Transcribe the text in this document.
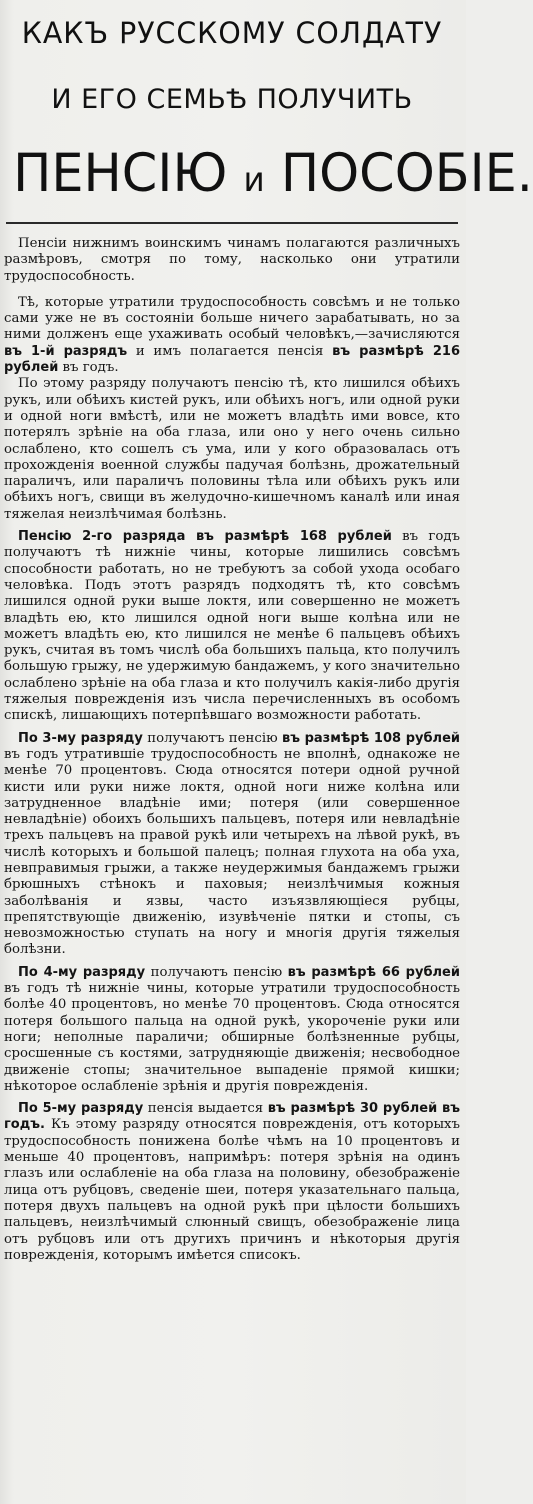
КАКЪ РУССКОМУ СОЛДАТУ
И ЕГО СЕМЬѢ ПОЛУЧИТЬ
ПЕНСІЮ и ПОСОБІЕ.

Пенсіи нижнимъ воинскимъ чинамъ полагаются различныхъ размѣровъ, смотря по тому, насколько они утратили трудоспособность.

Тѣ, которые утратили трудоспособность совсѣмъ и не только сами уже не въ состояніи больше ничего зарабатывать, но за ними долженъ еще ухаживать особый человѣкъ,—зачисляются въ 1-й разрядъ и имъ полагается пенсія въ размѣрѣ 216 рублей въ годъ.

По этому разряду получаютъ пенсію тѣ, кто лишился обѣихъ рукъ, или обѣихъ кистей рукъ, или обѣихъ ногъ, или одной руки и одной ноги вмѣстѣ, или не можетъ владѣть ими вовсе, кто потерялъ зрѣніе на оба глаза, или оно у него очень сильно ослаблено, кто сошелъ съ ума, или у кого образовалась отъ прохожденія военной службы падучая болѣзнь, дрожательный параличъ, или параличъ половины тѣла или обѣихъ рукъ или обѣихъ ногъ, свищи въ желудочно-кишечномъ каналѣ или иная тяжелая неизлѣчимая болѣзнь.

Пенсію 2-го разряда въ размѣрѣ 168 рублей въ годъ получаютъ тѣ нижніе чины, которые лишились совсѣмъ способности работать, но не требуютъ за собой ухода особаго человѣка. Подъ этотъ разрядъ подходятъ тѣ, кто совсѣмъ лишился одной руки выше локтя, или совершенно не можетъ владѣть ею, кто лишился одной ноги выше колѣна или не можетъ владѣть ею, кто лишился не менѣе 6 пальцевъ обѣихъ рукъ, считая въ томъ числѣ оба большихъ пальца, кто получилъ большую грыжу, не удержимую бандажемъ, у кого значительно ослаблено зрѣніе на оба глаза и кто получилъ какія-либо другія тяжелыя поврежденія изъ числа перечисленныхъ въ особомъ спискѣ, лишающихъ потерпѣвшаго возможности работать.

По 3-му разряду получаютъ пенсію въ размѣрѣ 108 рублей въ годъ утратившіе трудоспособность не вполнѣ, однакоже не менѣе 70 процентовъ. Сюда относятся потери одной ручной кисти или руки ниже локтя, одной ноги ниже колѣна или затрудненное владѣніе ими; потеря (или совершенное невладѣніе) обоихъ большихъ пальцевъ, потеря или невладѣніе трехъ пальцевъ на правой рукѣ или четырехъ на лѣвой рукѣ, въ числѣ которыхъ и большой палецъ; полная глухота на оба уха, невправимыя грыжи, а также неудержимыя бандажемъ грыжи брюшныхъ стѣнокъ и паховыя; неизлѣчимыя кожныя заболѣванія и язвы, часто изъязвляющіеся рубцы, препятствующіе движенію, изувѣченіе пятки и стопы, съ невозможностью ступать на ногу и многія другія тяжелыя болѣзни.

По 4-му разряду получаютъ пенсію въ размѣрѣ 66 рублей въ годъ тѣ нижніе чины, которые утратили трудоспособность болѣе 40 процентовъ, но менѣе 70 процентовъ. Сюда относятся потеря большого пальца на одной рукѣ, укороченіе руки или ноги; неполные параличи; обширные болѣзненные рубцы, сросшенные съ костями, затрудняющіе движенія; несвободное движеніе стопы; значительное выпаденіе прямой кишки; нѣкоторое ослабленіе зрѣнія и другія поврежденія.

По 5-му разряду пенсія выдается въ размѣрѣ 30 рублей въ годъ. Къ этому разряду относятся поврежденія, отъ которыхъ трудоспособность понижена болѣе чѣмъ на 10 процентовъ и меньше 40 процентовъ, напримѣръ: потеря зрѣнія на одинъ глазъ или ослабленіе на оба глаза на половину, обезображеніе лица отъ рубцовъ, сведеніе шеи, потеря указательнаго пальца, потеря двухъ пальцевъ на одной рукѣ при цѣлости большихъ пальцевъ, неизлѣчимый слюнный свищъ, обезображеніе лица отъ рубцовъ или отъ другихъ причинъ и нѣкоторыя другія поврежденія, которымъ имѣется списокъ.
